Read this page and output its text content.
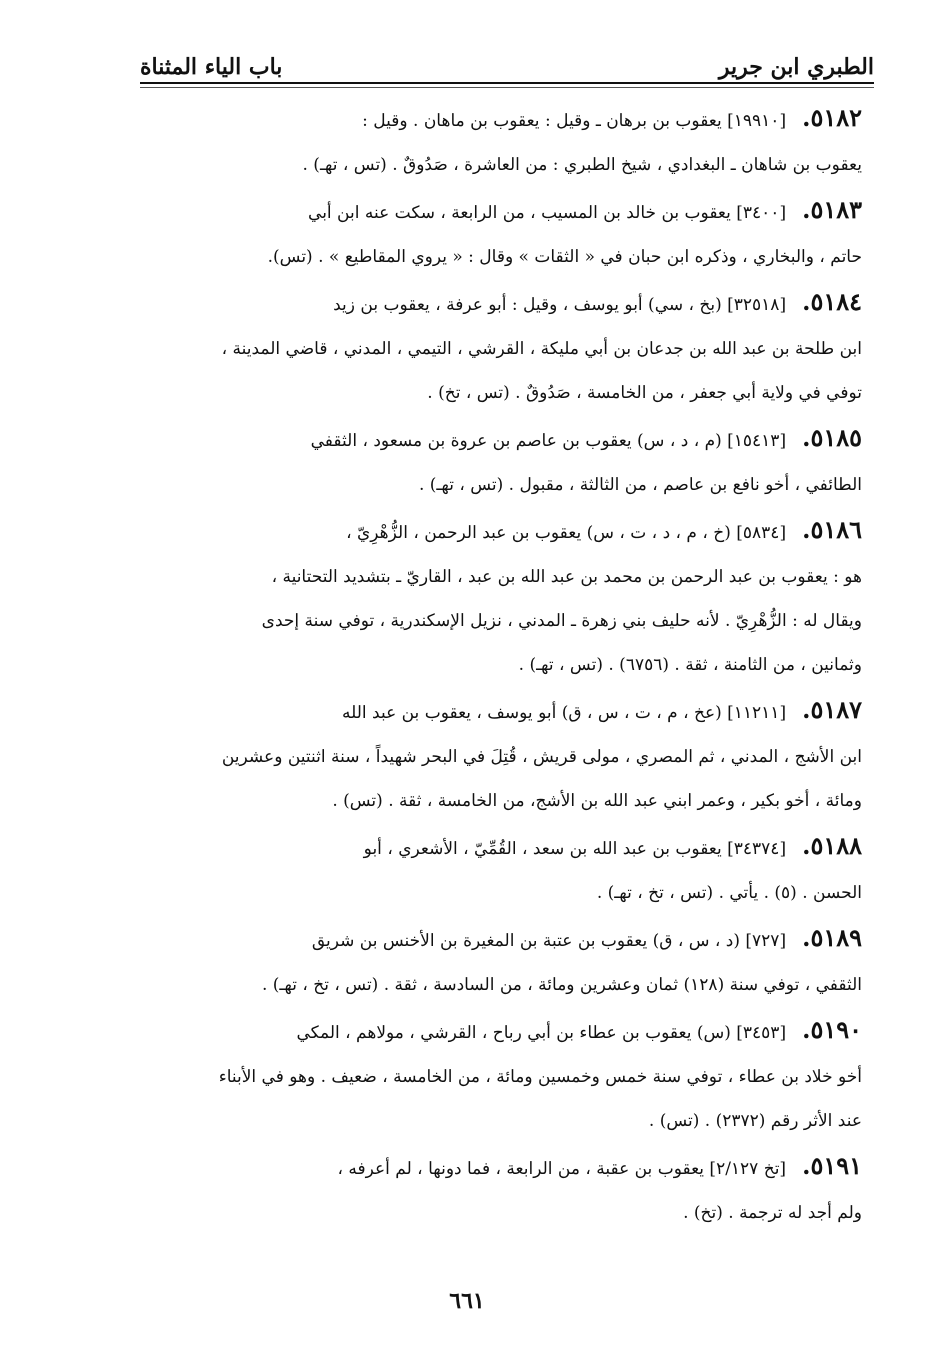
الطبري ابن جرير
باب الياء المثناة
٥١٨٢.[١٩٩١٠] يعقوب بن برهان ـ وقيل : يعقوب بن ماهان . وقيل :
يعقوب بن شاهان ـ البغدادي ، شيخ الطبري : من العاشرة ، صَدُوقٌ . (تس ، تهـ) .
٥١٨٣.[٣٤٠٠] يعقوب بن خالد بن المسيب ، من الرابعة ، سكت عنه ابن أبي
حاتم ، والبخاري ، وذكره ابن حبان في « الثقات » وقال : « يروي المقاطيع » . (تس).
٥١٨٤.[٣٢٥١٨] (بخ ، سي) أبو يوسف ، وقيل : أبو عرفة ، يعقوب بن زيد
ابن طلحة بن عبد الله بن جدعان بن أبي مليكة ، القرشي ، التيمي ، المدني ، قاضي المدينة ،
توفي في ولاية أبي جعفر ، من الخامسة ، صَدُوقٌ . (تس ، تخ) .
٥١٨٥.[١٥٤١٣] (م ، د ، س) يعقوب بن عاصم بن عروة بن مسعود ، الثقفي
الطائفي ، أخو نافع بن عاصم ، من الثالثة ، مقبول . (تس ، تهـ) .
٥١٨٦.[٥٨٣٤] (خ ، م ، د ، ت ، س) يعقوب بن عبد الرحمن ، الزُّهْرِيّ ،
هو : يعقوب بن عبد الرحمن بن محمد بن عبد الله بن عبد ، القاريّ ـ بتشديد التحتانية ،
ويقال له : الزُّهْرِيّ . لأنه حليف بني زهرة ـ المدني ، نزيل الإسكندرية ، توفي سنة إحدى
وثمانين ، من الثامنة ، ثقة . (٦٧٥٦) . (تس ، تهـ) .
٥١٨٧.[١١٢١١] (عخ ، م ، ت ، س ، ق) أبو يوسف ، يعقوب بن عبد الله
ابن الأشج ، المدني ، ثم المصري ، مولى قريش ، قُتِلَ في البحر شهيداً ، سنة اثنتين وعشرين
ومائة ، أخو بكير ، وعمر ابني عبد الله بن الأشج، من الخامسة ، ثقة . (تس) .
٥١٨٨.[٣٤٣٧٤] يعقوب بن عبد الله بن سعد ، القُمِّيّ ، الأشعري ، أبو
الحسن . (٥) . يأتي . (تس ، تخ ، تهـ) .
٥١٨٩.[٧٢٧] (د ، س ، ق) يعقوب بن عتبة بن المغيرة بن الأخنس بن شريق
الثقفي ، توفي سنة (١٢٨) ثمان وعشرين ومائة ، من السادسة ، ثقة . (تس ، تخ ، تهـ) .
٥١٩٠.[٣٤٥٣] (س) يعقوب بن عطاء بن أبي رباح ، القرشي ، مولاهم ، المكي
أخو خلاد بن عطاء ، توفي سنة خمس وخمسين ومائة ، من الخامسة ، ضعيف . وهو في الأبناء
عند الأثر رقم (٢٣٧٢) . (تس) .
٥١٩١.[تخ ٢/١٢٧] يعقوب بن عقبة ، من الرابعة ، فما دونها ، لم أعرفه ،
ولم أجد له ترجمة . (تخ) .
٦٦١
